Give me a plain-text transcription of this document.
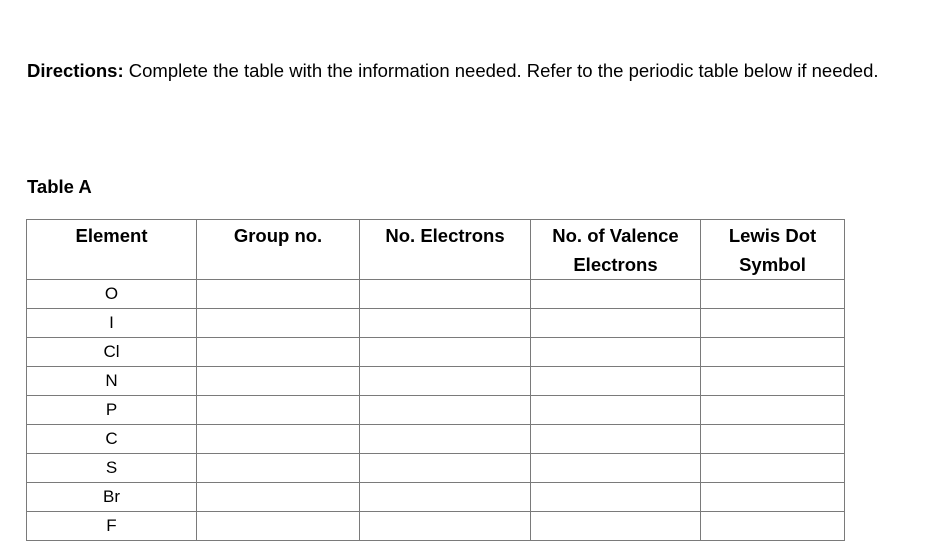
Directions: Complete the table with the information needed. Refer to the periodic table below if needed.

Table A

Element	Group no.	No. Electrons	No. of Valence Electrons	Lewis Dot Symbol
O				
I				
Cl				
N				
P				
C				
S				
Br				
F				
